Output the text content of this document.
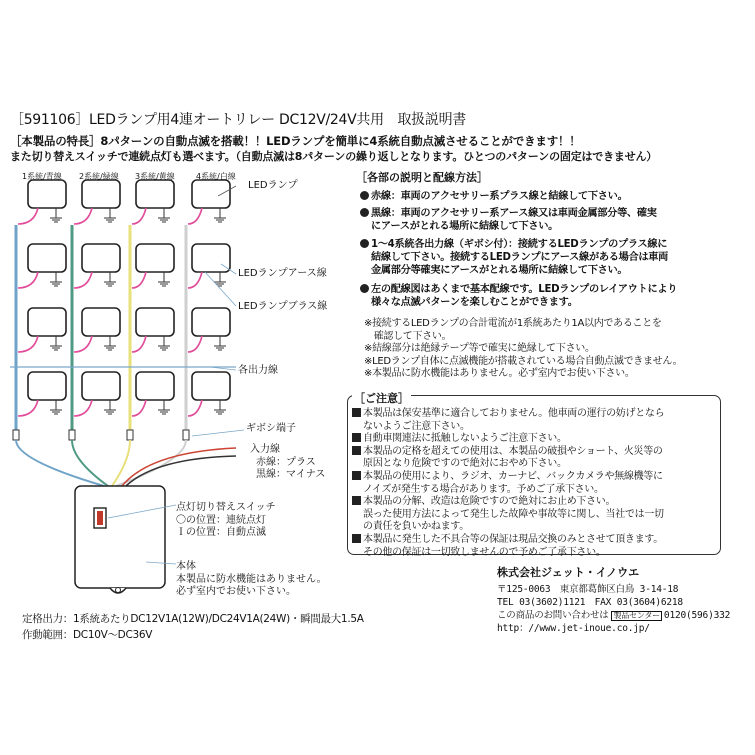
［591106］LEDランプ用4連オートリレー DC12V/24V共用　取扱説明書
［本製品の特長］8パターンの自動点滅を搭載！！LEDランプを簡単に4系統自動点滅させることができます！！
また切り替えスイッチで連続点灯も選べます。（自動点滅は8パターンの繰り返しとなります。ひとつのパターンの固定はできません）
1系統/青線 2系統/緑線 3系統/黄線	4系統/白線
LEDランプ
LEDランプアース線
LEDランプブラス線
各出力線
ギボシ端子
入力線
赤線：プラス
黒線：マイナス
点灯切り替えスイッチ
〇の位置：連続点灯
Ｉの位置：自動点滅
本体
本製品に防水機能はありません。
必ず室内でお使い下さい。
［各部の説明と配線方法］
赤線：車両のアクセサリー系プラス線と結線して下さい。
黒線：車両のアクセサリー系アース線又は車両金属部分等、確実
にアースがとれる場所に結線して下さい。
1～4系統各出力線（ギボシ付）：接続するLEDランプのプラス線に
結線して下さい。接続するLEDランプにアース線がある場合は車両
金属部分等確実にアースがとれる場所に結線して下さい。
左の配線図はあくまで基本配線です。LEDランプのレイアウトにより
様々な点滅パターンを楽しむことができます。
※接続するLEDランプの合計電流が1系統あたり1A以内であることを
　確認して下さい。
※結線部分は絶縁テープ等で確実に絶縁して下さい。
※LEDランプ自体に点滅機能が搭載されている場合自動点滅できません。
※本製品に防水機能はありません。必ず室内でお使い下さい。
［ご注意］
本製品は保安基準に適合しておりません。他車両の運行の妨げとなら
ないようご注意下さい。
自動車関連法に抵触しないようご注意下さい。
本製品の定格を超えての使用は、本製品の破損やショート、火災等の
原因となり危険ですので絶対におやめ下さい。
本製品の使用により、ラジオ、カーナビ、バックカメラや無線機等に
ノイズが発生する場合があります。予めご了承下さい。
本製品の分解、改造は危険ですので絶対にお止め下さい。
誤った使用方法によって発生した故障や事故等に関し、当社では一切
の責任を負いかねます。
本製品に発生した不具合等の保証は現品交換のみとさせて頂きます。
その他の保証は一切致しませんので予めご了承下さい。
株式会社ジェット・イノウエ
〒125-0063　東京都葛飾区白鳥 3-14-18
TEL 03(3602)1121　FAX 03(3604)6218
この商品のお問い合わせは 製品センター 0120(596)332
http：//www.jet-inoue.co.jp/
定格出力：1系統あたりDC12V1A(12W)/DC24V1A(24W)・瞬間最大1.5A
作動範囲：DC10V～DC36V
